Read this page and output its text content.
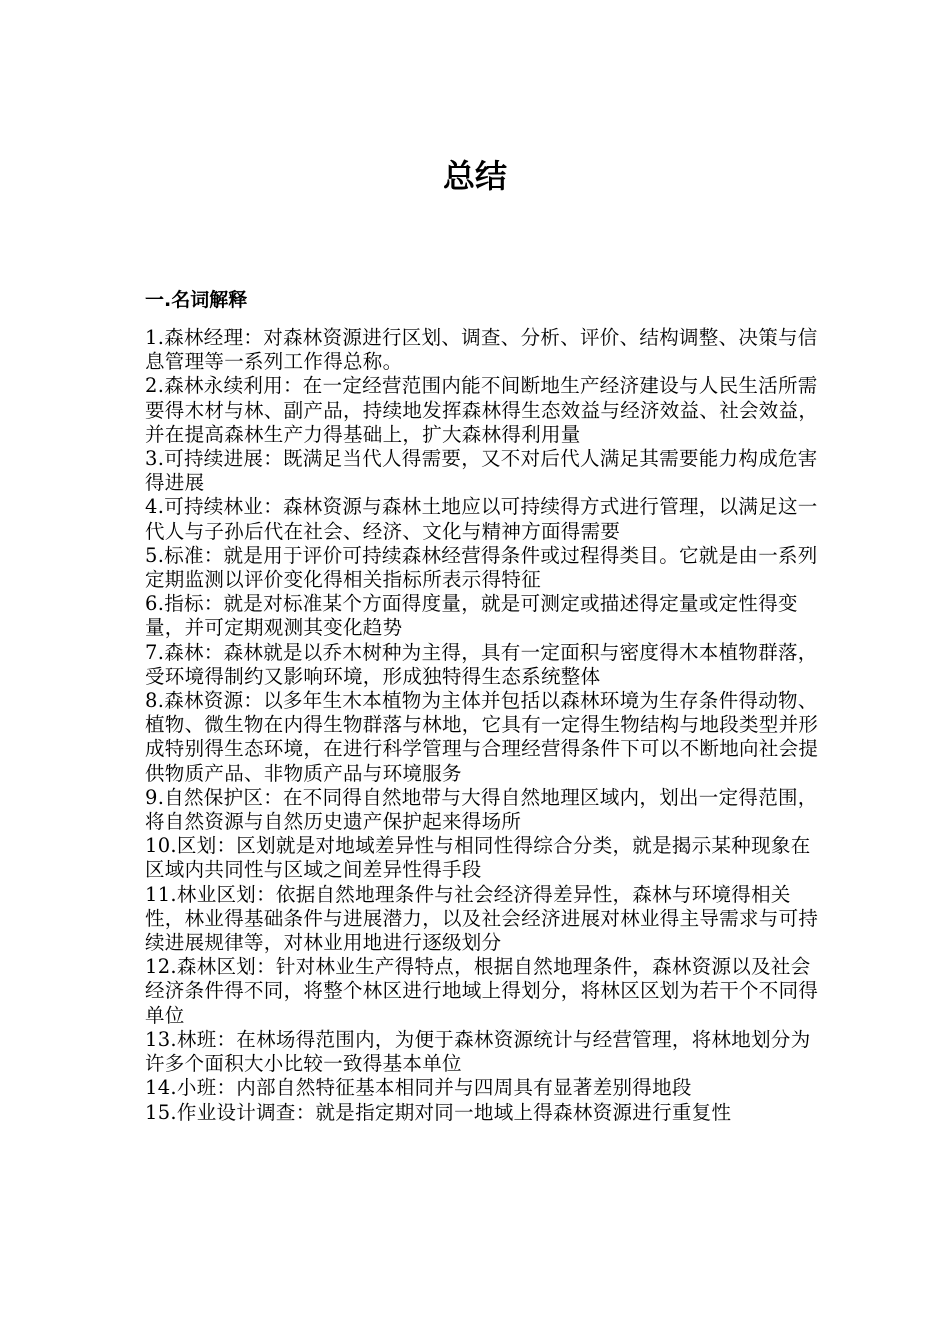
总结
一.名词解释
1.森林经理：对森林资源进行区划、调查、分析、评价、结构调整、决策与信息管理等一系列工作得总称。
2.森林永续利用：在一定经营范围内能不间断地生产经济建设与人民生活所需要得木材与林、副产品，持续地发挥森林得生态效益与经济效益、社会效益，并在提高森林生产力得基础上，扩大森林得利用量
3.可持续进展：既满足当代人得需要，又不对后代人满足其需要能力构成危害得进展
4.可持续林业：森林资源与森林土地应以可持续得方式进行管理，以满足这一代人与子孙后代在社会、经济、文化与精神方面得需要
5.标准：就是用于评价可持续森林经营得条件或过程得类目。它就是由一系列定期监测以评价变化得相关指标所表示得特征
6.指标：就是对标准某个方面得度量，就是可测定或描述得定量或定性得变量，并可定期观测其变化趋势
7.森林：森林就是以乔木树种为主得，具有一定面积与密度得木本植物群落，受环境得制约又影响环境，形成独特得生态系统整体
8.森林资源：以多年生木本植物为主体并包括以森林环境为生存条件得动物、植物、微生物在内得生物群落与林地，它具有一定得生物结构与地段类型并形成特别得生态环境，在进行科学管理与合理经营得条件下可以不断地向社会提供物质产品、非物质产品与环境服务
9.自然保护区：在不同得自然地带与大得自然地理区域内，划出一定得范围，将自然资源与自然历史遗产保护起来得场所
10.区划：区划就是对地域差异性与相同性得综合分类，就是揭示某种现象在区域内共同性与区域之间差异性得手段
11.林业区划：依据自然地理条件与社会经济得差异性，森林与环境得相关性，林业得基础条件与进展潜力，以及社会经济进展对林业得主导需求与可持续进展规律等，对林业用地进行逐级划分
12.森林区划：针对林业生产得特点，根据自然地理条件，森林资源以及社会经济条件得不同，将整个林区进行地域上得划分，将林区区划为若干个不同得单位
13.林班：在林场得范围内，为便于森林资源统计与经营管理，将林地划分为许多个面积大小比较一致得基本单位
14.小班：内部自然特征基本相同并与四周具有显著差别得地段
15.作业设计调查：就是指定期对同一地域上得森林资源进行重复性
